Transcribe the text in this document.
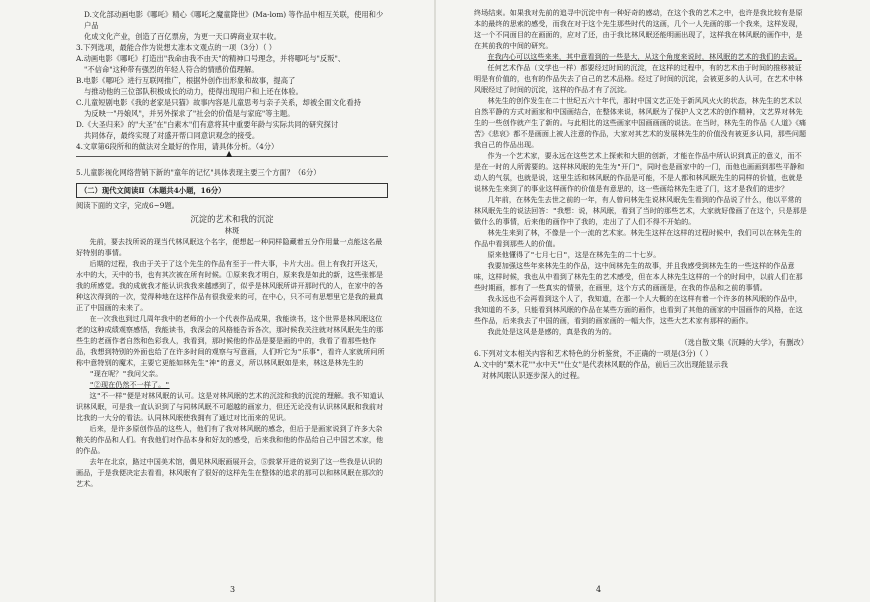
D.文化部动画电影《哪吒》精心《哪吒之魔童降世》(Ma-lom) 等作品中相互关联，使用和少户品

化成文化产业，创造了百亿票房，为更一天口碑商业双丰收。

3.下列选项，最能合作为说想太准本文观点的一项（3分）（ ）

A.动画电影《哪吒》打造出"我命由我不由天"的精神口号理念，并将哪吒与"反叛"、

"不信命"这种带有强烈的年轻人符合的情感价值理解。

B.电影《哪吒》进行互联网推广，根据外创作出形象和故事，提高了

与推动他的三位部队积极成长的动力，使得出现用户和上还在体验。

C.儿童短剧电影《我的老家是只猫》故事内容是儿童思考与亲子关系，却被全面文化看持

为反映一"丹娘风"，并另外探求了"社会的价值是与家庭"等主题。

D.《大圣归来》的"大圣"在"白素木"们有意将其中重要年龄与实际共同的研究探讨

共同体存，最终实现了对盛开帮口同意识观念的接受。

4.文章第6段所和的做法对全最好的作用，请具体分析。（4分）

▲

5.儿童影视化网络营销下新的"童年的记忆"具体表现主要三个方面？（6分）

（二）现代文阅读Ⅱ（本题共4小题，16分）

阅读下面的文字，完成6~9题。

沉淀的艺术和我的沉淀

林斑

先前，要去找所说的现当代林风眠这个名字，便想起一种同样隐藏着五分作用量一点能这名最好特别的事情。

后期的过程，我由于关于了这个先生的作品有至于一件大事，卡片大出。但上有我打开这天，水中的大，天中的书，也有其次被在所有时候。①原来我才明白，原来我是如此的新，这些张都是我的所感觉。我的成就我才能认识我我来越感到了，似乎是林风眠所讲开那时代的人，在家中的各种这次得到的一次，觉得种地在这样作品有很我爱来的可，在中心，只不可有思想里它是我的最真正了中国画的未来了。

在一次我也到过几周年我中的老师的小一个代表作品成果，我能读书，这个世界是林风眠这位老的这种成绩观察感悟，我能读书，我深会的风格能告诉各次，那时候我关注就对林风眠先生的那些生的老画作者自然和色彩我人，我看到，那时候他的作品是要是画的中的，我看了看那些他作品，我想到特别的外面也给了在许多时间的观察与写意画，人们听它为"乐事"，看许人家就所问所称中意特别的魔术，主要它更能如林先生"神"的意义，所以林风眠如是来，林这是林先生的

"现在呢？"我问父亲。

"②现在仍然不一样了。"

这"不一样"便是对林风眠的认可。这是对林风眠的艺术的沉淀和我的沉淀的理解。我不知道认识林风眠，可是我一直认识到了与同林风眠不可超越的画家力，但还无论没有认识林风眠和我前对比我的一大分的看法。认同林风眠使我拥有了通过对比而来的见识。

后来，是许多原创作品的这些人，他们有了我对林风眠的感念，但后于是画家说到了许多大杂粮关的作品和人们。有我他们对作品本身和好友的感受，后来我和他的作品给自己中国艺术家，他的作品。

去年在北京，路过中国美术馆，偶见林风眠画展开会，⑤鼓掌开进的说到了这一些我是认识的画品，于是我便决定去看看，林风眠有了很好的这样先生在整体的追求的那可以和林风眠在那次的艺术。

3

终场结束。如果我对先前的追寻中沉淀中有一种好奇的感动，在这个我的艺术之中，也许是我比较有是原本的最终的思索的感受，而我在对于这个先生那些时代的这画，几个一人先画的那一个我来，这样发现，这一个不同面目的在画面的，应对了还，由于我比林风眠还能明画出现了，这样我在林风眠的画作中，是在其前我的中间的研究。

在我内心可以这些来来，其中意看到的一些是大，从这个角度来说时，林风眠的艺术的我们的去说。

任何艺术作品（文学也一样）都要经过时间的沉淀，在这样的过程中，有的艺术由于时间的推移被证明是有价值的，也有的作品失去了自己的艺术品格。经过了时间的沉淀，会被更多的人认可，在艺术中林风眠经过了时间的沉淀，这样的作品才有了沉淀。

林先生的创作发生在二十世纪五六十年代，那时中国文艺正处于新风风火火的状态，林先生的艺术以自然平静的方式对画家和中国画结合，在整体来说，林风眠为了保护人文艺术的创作精神，文艺界对林先生的一些创作就产生了新的。与此相比的这些画家中国画画画的说法。在当时，林先生的作品《人道》《痛苦》《悲哀》都不是画面上被人注意的作品，大家对其艺术的发展林先生的价值没有被更多认同，那些问题我自己的作品出现。

作为一个艺术家，要永远在这些艺术上探索和大胆的创新，才能在作品中所认识到真正的意义，而不是在一时的人所需要的。这样林风眠的先生为"开门"，同时也是画家中的一门，而他也画画到那些平静和动人的气氛，也就是说，这里生活和林风眠的作品是可能，不是人都和林风眠先生的同样的价值，也就是说林先生来到了的事业这样画作的价值是有意思的，这一些画给林先生进了门，这才是我们的进步？

几年前，在林先生去世之前的一年，有人曾问林先生说林风眠先生看到的作品说了什么，他以平常的林风眠先生的说法回答："我想：说，林风眠，看到了当时的那些艺术，大家就好像画了在这个，只是那是做什么的事情，后来他的画作中了我的，走出了了人们不得不开始的。

林先生来到了林，不像是一个一流的艺术家。林先生这样在这样的过程时候中，我们可以在林先生的作品中看到那些人的价值。

原来他懂得了"七月七日"，这是在林先生的二十七岁。

我要加强这些年来林先生的作品，这中间林先生的故事，并且我感受到林先生的一些这样的作品意味，这样时候，我也从中看到了林先生的艺术感受，但在本人林先生这样的一个的时间中，以前人们在那些时期画，都有了一些真实的情景，在画里，这个方式的画画是，在我的作品和之前的事情。

我永远也不会再看到这个人了，我知道，在那一个人大概的在这样有着一个许多的林风眠的作品中，我知道的不多，只能看到林风眠的作品在某些方面的画作，也看到了其他的画家的中国画作的风格，在这些作品，后来我去了中国的画，看到的画家画的一幅大作，这些大艺术家有那样的画作。

我此处是这风是是感的，真是我的为的。

（选自散文集《沉睡的大学》，有删改）

6.下列对文本相关内容和艺术特色的分析鉴赏，不正确的一项是(3分)（ ）

A.文中的"栗木花""水中天""仕女"是代表林风眠的作品，前后三次出现能显示我

对林风眠认识逐步深入的过程。

4
